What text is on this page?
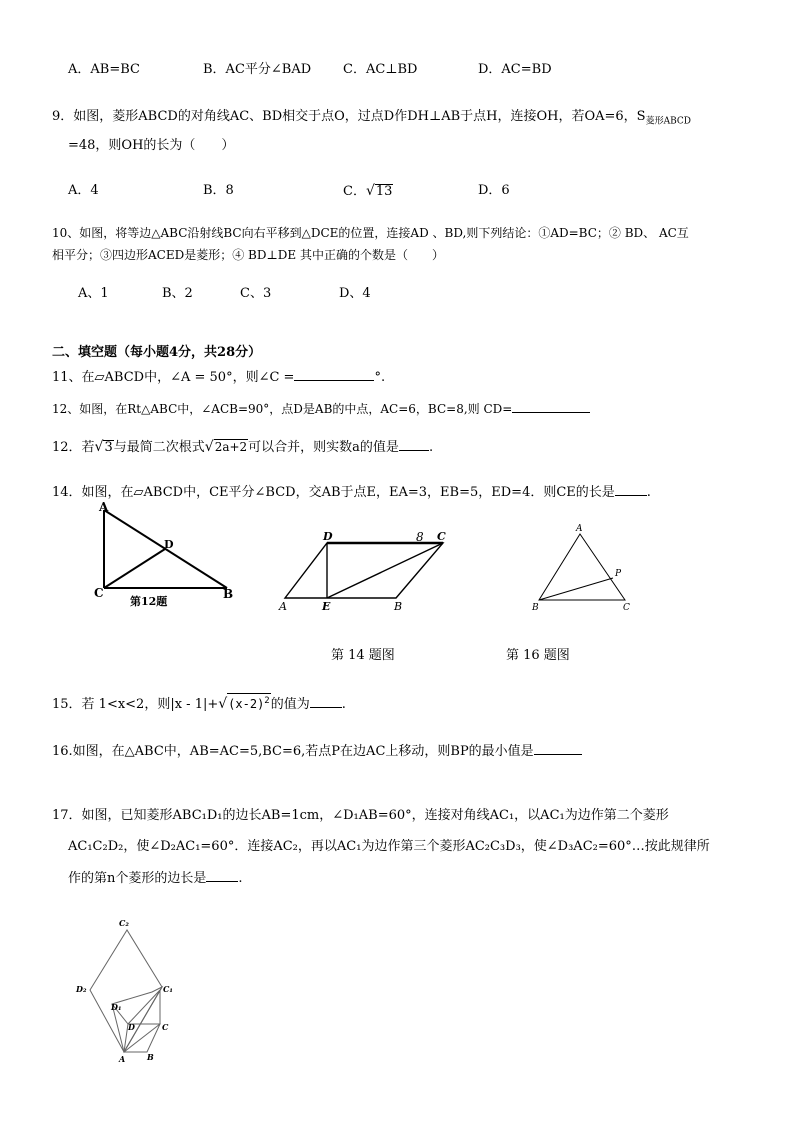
A．AB=BC	B．AC平分∠BAD C．AC⊥BD	D．AC=BD
9．如图，菱形ABCD的对角线AC、BD相交于点O，过点D作DH⊥AB于点H，连接OH，若OA=6，$S_{菱形ABCD}$
=48，则OH的长为（　　）
A．4	B．8	C．√13	D．6
10、如图，将等边△ABC沿射线BC向右平移到△DCE的位置，连接AD 、BD,则下列结论：①AD=BC；② BD、 AC互
相平分；③四边形ACED是菱形；④ BD⊥DE 其中正确的个数是（　　）
A、1	B、2	C、3	D、4
二、填空题（每小题4分，共28分）
11、在▱ABCD中，∠A = 50°，则∠C =	°.
12、如图，在Rt△ABC中，∠ACB=90°，点D是AB的中点，AC=6，BC=8,则 CD=
12．若√3与最简二次根式√2a+2可以合并，则实数a的值是 .
14．如图，在▱ABCD中，CE平分∠BCD，交AB于点E，EA=3，EB=5，ED=4．则CE的长是 .
A
D
C	B
第12题
D	8 C
A	E	B
A
P
B	C
第 14 题图	第 16 题图
15．若 1<x<2，则$|x - 1|+√(x-2)^2$的值为 .
16.如图，在△ABC中，AB=AC=5,BC=6,若点P在边AC上移动，则BP的最小值是
17．如图，已知菱形ABC₁D₁的边长AB=1cm，∠D₁AB=60°，连接对角线AC₁，以AC₁为边作第二个菱形
AC₁C₂D₂，使∠D₂AC₁=60°．连接AC₂，再以AC₁为边作第三个菱形AC₂C₃D₃，使∠D₃AC₂=60°…按此规律所
作的第n个菱形的边长是 .
C₂
D₂	C₁
D₁
D	C
A	B
